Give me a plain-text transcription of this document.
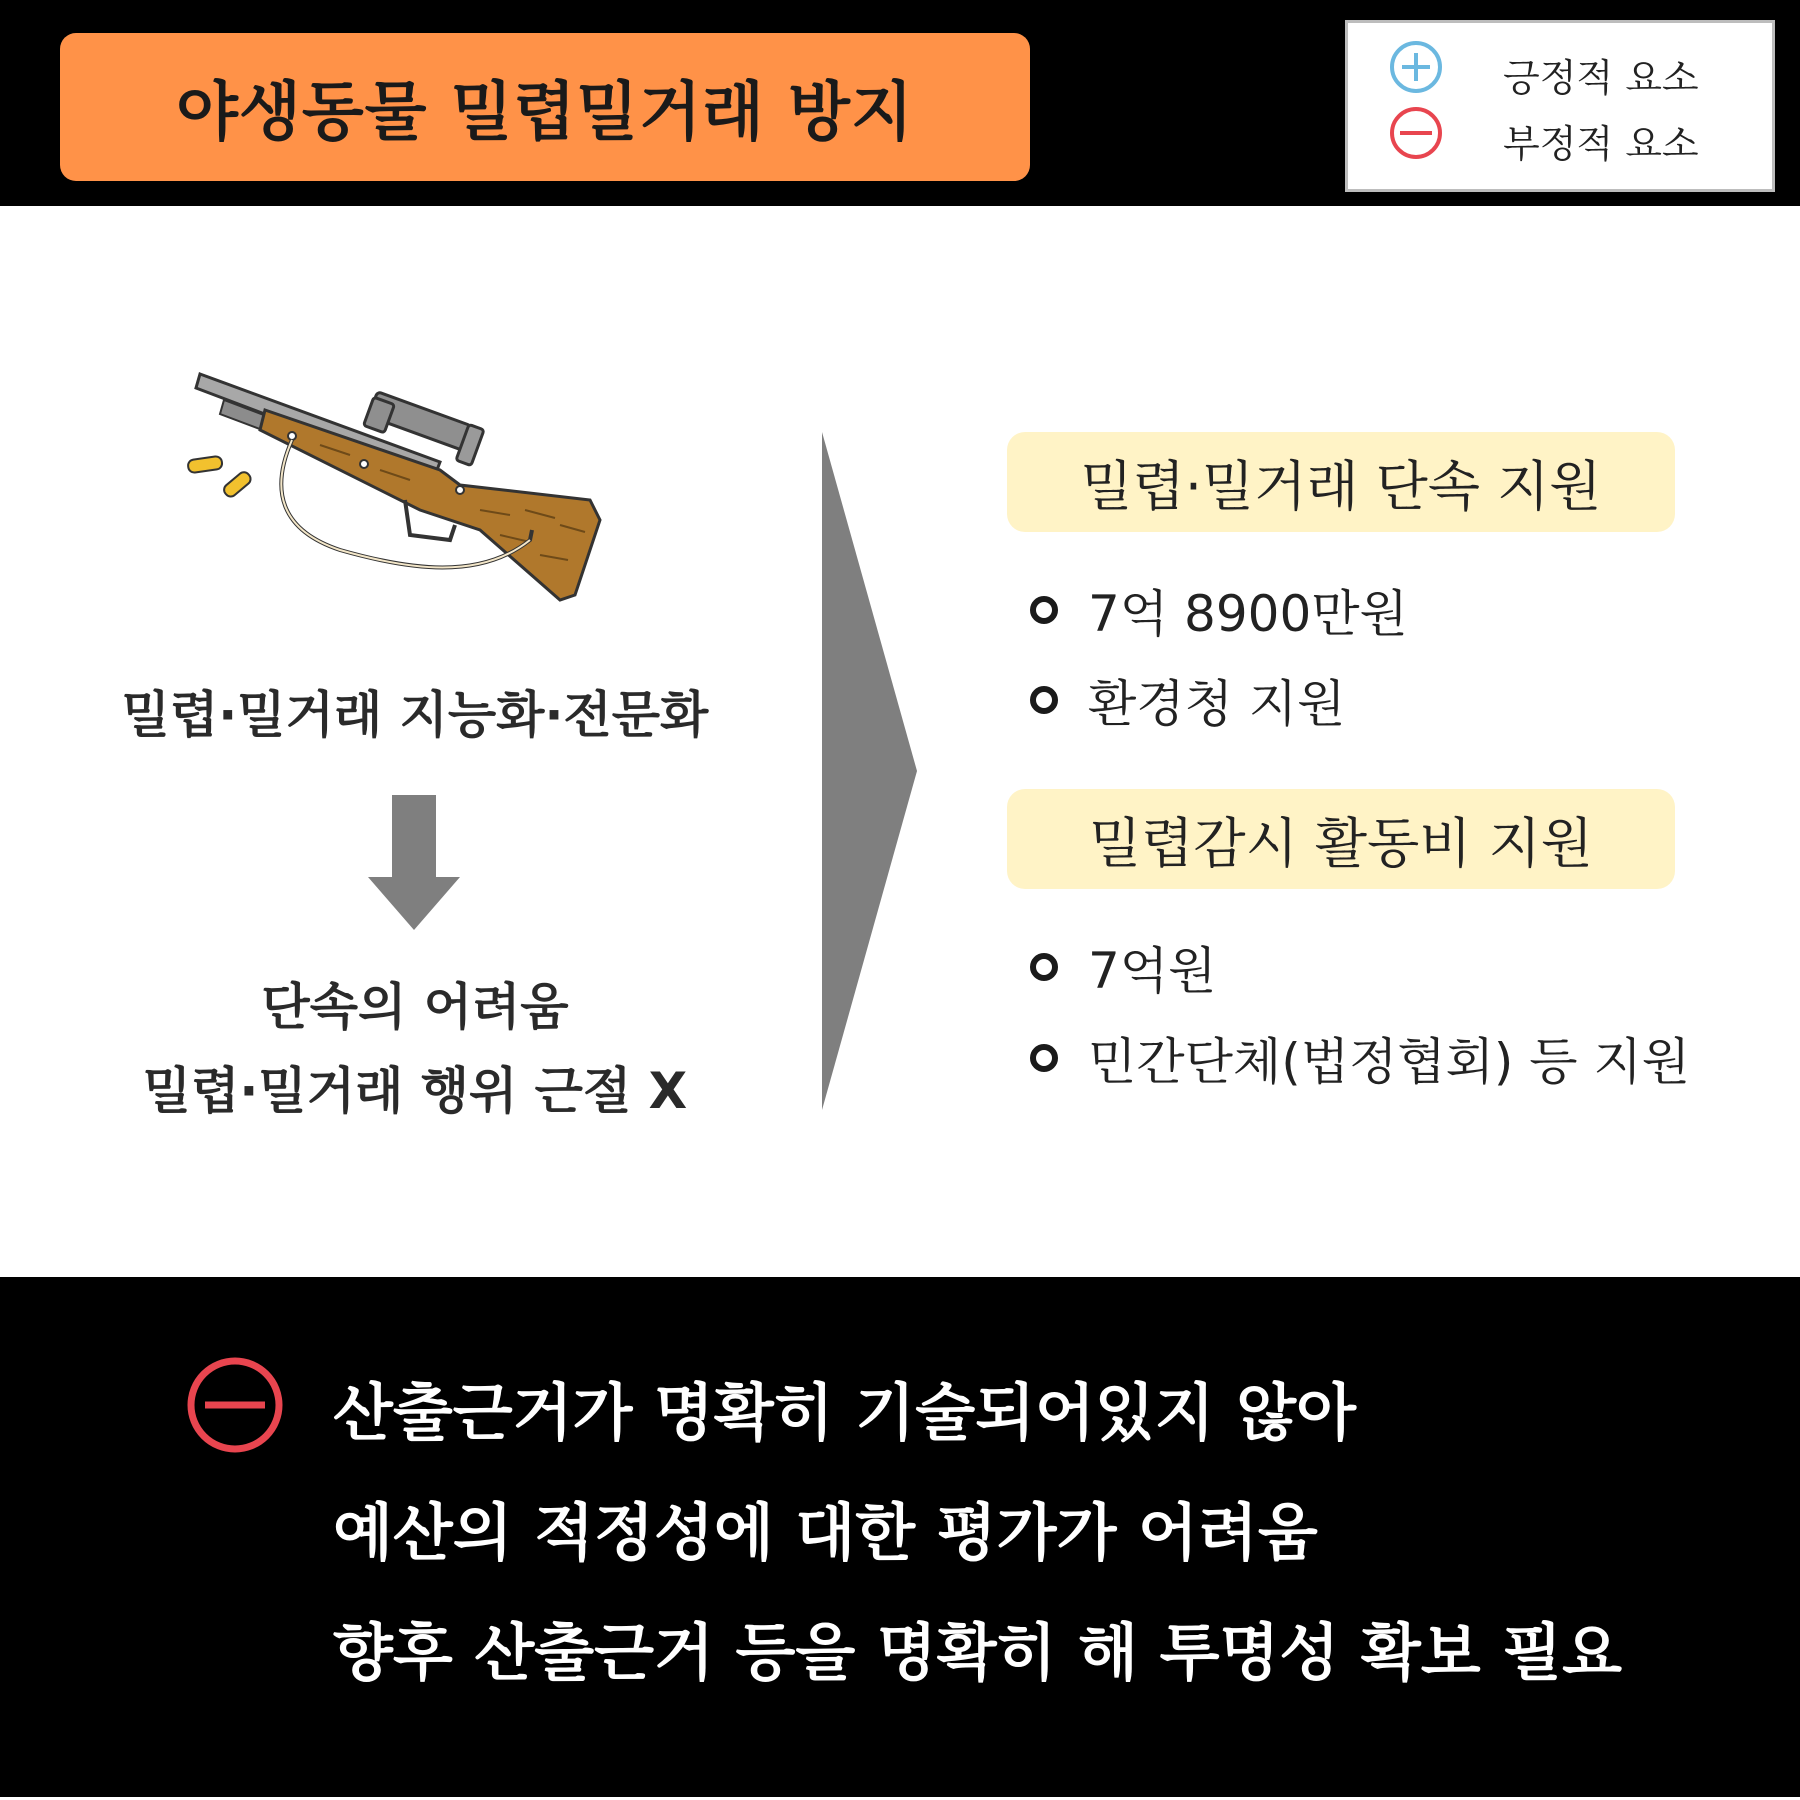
야생동물 밀렵밀거래 방지	긍정적 요소
부정적 요소
밀렵·밀거래 지능화·전문화
단속의 어려움
밀렵·밀거래 행위 근절 X
밀렵·밀거래 단속 지원
7억 8900만원
환경청 지원
밀렵감시 활동비 지원
7억원
민간단체(법정협회) 등 지원
산출근거가 명확히 기술되어있지 않아
예산의 적정성에 대한 평가가 어려움
향후 산출근거 등을 명확히 해 투명성 확보 필요
